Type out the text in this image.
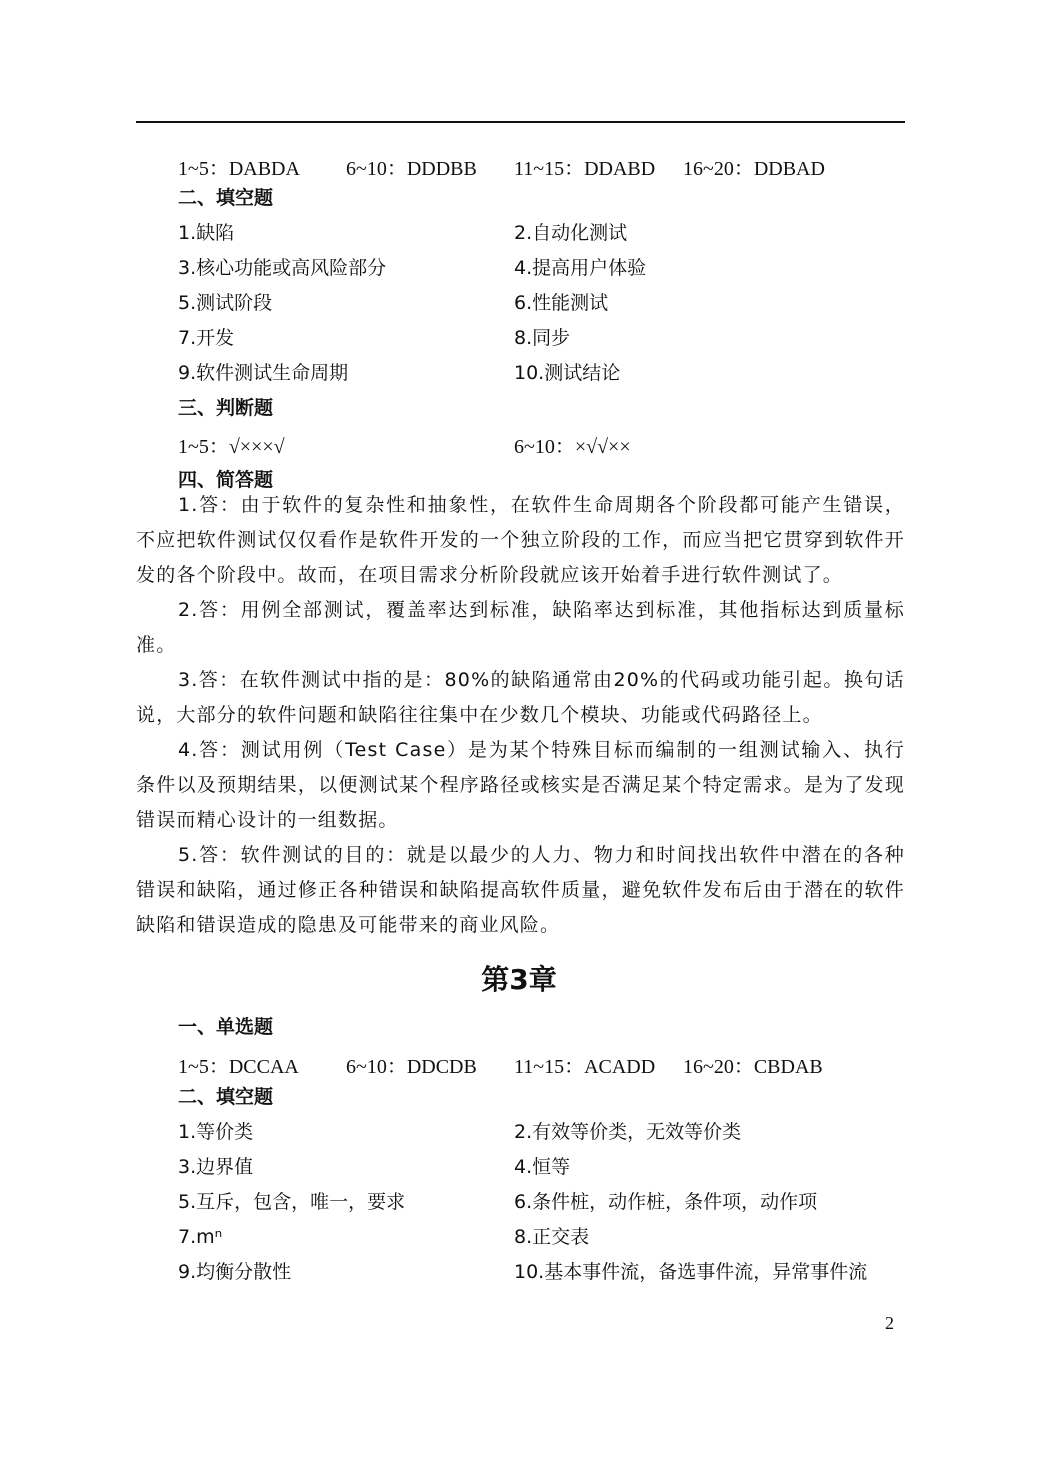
1~5：DABDA 6~10：DDDBB 11~15：DDABD 16~20：DDBAD
二、填空题
1.缺陷	2.自动化测试
3.核心功能或高风险部分	4.提高用户体验
5.测试阶段	6.性能测试
7.开发	8.同步
9.软件测试生命周期	10.测试结论
三、判断题
1~5：√×××√	6~10：×√√××
四、简答题

1.答：由于软件的复杂性和抽象性，在软件生命周期各个阶段都可能产生错误，不应把软件测试仅仅看作是软件开发的一个独立阶段的工作，而应当把它贯穿到软件开发的各个阶段中。故而，在项目需求分析阶段就应该开始着手进行软件测试了。

2.答：用例全部测试，覆盖率达到标准，缺陷率达到标准，其他指标达到质量标准。

3.答：在软件测试中指的是：80%的缺陷通常由20%的代码或功能引起。换句话说，大部分的软件问题和缺陷往往集中在少数几个模块、功能或代码路径上。

4.答：测试用例（Test Case）是为某个特殊目标而编制的一组测试输入、执行条件以及预期结果，以便测试某个程序路径或核实是否满足某个特定需求。是为了发现错误而精心设计的一组数据。

5.答：软件测试的目的：就是以最少的人力、物力和时间找出软件中潜在的各种错误和缺陷，通过修正各种错误和缺陷提高软件质量，避免软件发布后由于潜在的软件缺陷和错误造成的隐患及可能带来的商业风险。

第3章
一、单选题
1~5：DCCAA 6~10：DDCDB 11~15：ACADD 16~20：CBDAB
二、填空题
1.等价类	2.有效等价类，无效等价类
3.边界值	4.恒等
5.互斥，包含，唯一，要求	6.条件桩，动作桩，条件项，动作项
7.mⁿ	8.正交表
9.均衡分散性	10.基本事件流，备选事件流，异常事件流
2
